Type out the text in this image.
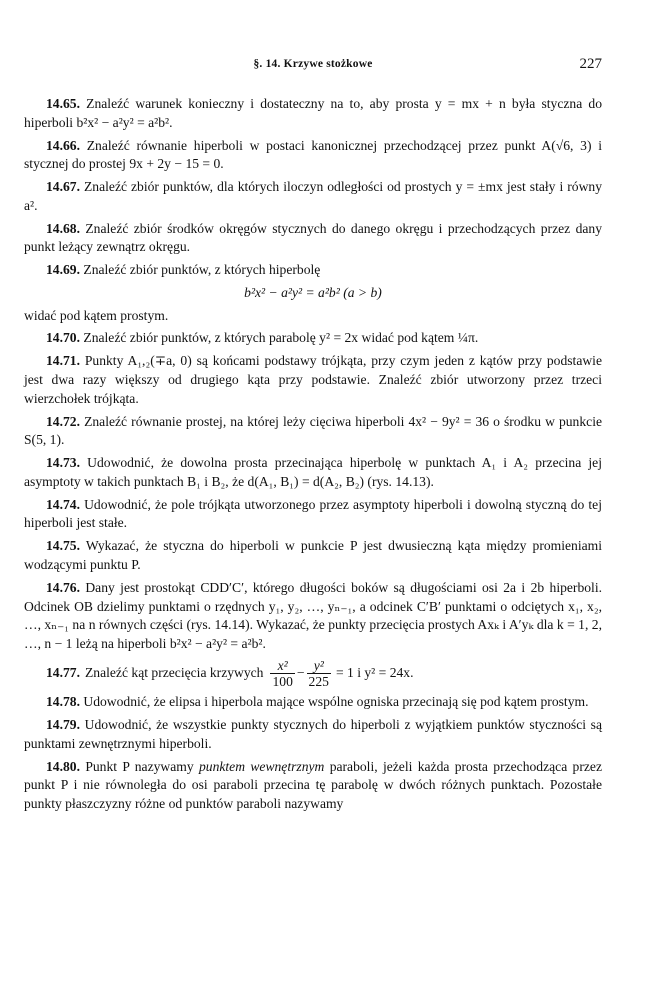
§. 14. Krzywe stożkowe	227

14.65. Znaleźć warunek konieczny i dostateczny na to, aby prosta y = mx + n była styczna do hiperboli b²x² − a²y² = a²b².

14.66. Znaleźć równanie hiperboli w postaci kanonicznej przechodzącej przez punkt A(√6, 3) i stycznej do prostej 9x + 2y − 15 = 0.

14.67. Znaleźć zbiór punktów, dla których iloczyn odległości od prostych y = ±mx jest stały i równy a².

14.68. Znaleźć zbiór środków okręgów stycznych do danego okręgu i przechodzących przez dany punkt leżący zewnątrz okręgu.

14.69. Znaleźć zbiór punktów, z których hiperbolę

b²x² − a²y² = a²b² (a > b)

widać pod kątem prostym.

14.70. Znaleźć zbiór punktów, z których parabolę y² = 2x widać pod kątem ¼π.

14.71. Punkty A₁,₂(∓a, 0) są końcami podstawy trójkąta, przy czym jeden z kątów przy podstawie jest dwa razy większy od drugiego kąta przy podstawie. Znaleźć zbiór utworzony przez trzeci wierzchołek trójkąta.

14.72. Znaleźć równanie prostej, na której leży cięciwa hiperboli 4x² − 9y² = 36 o środku w punkcie S(5, 1).

14.73. Udowodnić, że dowolna prosta przecinająca hiperbolę w punktach A₁ i A₂ przecina jej asymptoty w takich punktach B₁ i B₂, że d(A₁, B₁) = d(A₂, B₂) (rys. 14.13).

14.74. Udowodnić, że pole trójkąta utworzonego przez asymptoty hiperboli i dowolną styczną do tej hiperboli jest stałe.

14.75. Wykazać, że styczna do hiperboli w punkcie P jest dwusieczną kąta między promieniami wodzącymi punktu P.

14.76. Dany jest prostokąt CDD′C′, którego długości boków są długościami osi 2a i 2b hiperboli. Odcinek OB dzielimy punktami o rzędnych y₁, y₂, …, yₙ₋₁, a odcinek C′B′ punktami o odciętych x₁, x₂, …, xₙ₋₁ na n równych części (rys. 14.14). Wykazać, że punkty przecięcia prostych Axₖ i A′yₖ dla k = 1, 2, …, n − 1 leżą na hiperboli b²x² − a²y² = a²b².

14.77. Znaleźć kąt przecięcia krzywych $\frac{\text{x²}}{100} - \frac{\text{y²}}{225} = 1$ i y² = 24x.

14.78. Udowodnić, że elipsa i hiperbola mające wspólne ogniska przecinają się pod kątem prostym.

14.79. Udowodnić, że wszystkie punkty stycznych do hiperboli z wyjątkiem punktów styczności są punktami zewnętrznymi hiperboli.

14.80. Punkt P nazywamy punktem wewnętrznym paraboli, jeżeli każda prosta przechodząca przez punkt P i nie równoległa do osi paraboli przecina tę parabolę w dwóch różnych punktach. Pozostałe punkty płaszczyzny różne od punktów paraboli nazywamy
